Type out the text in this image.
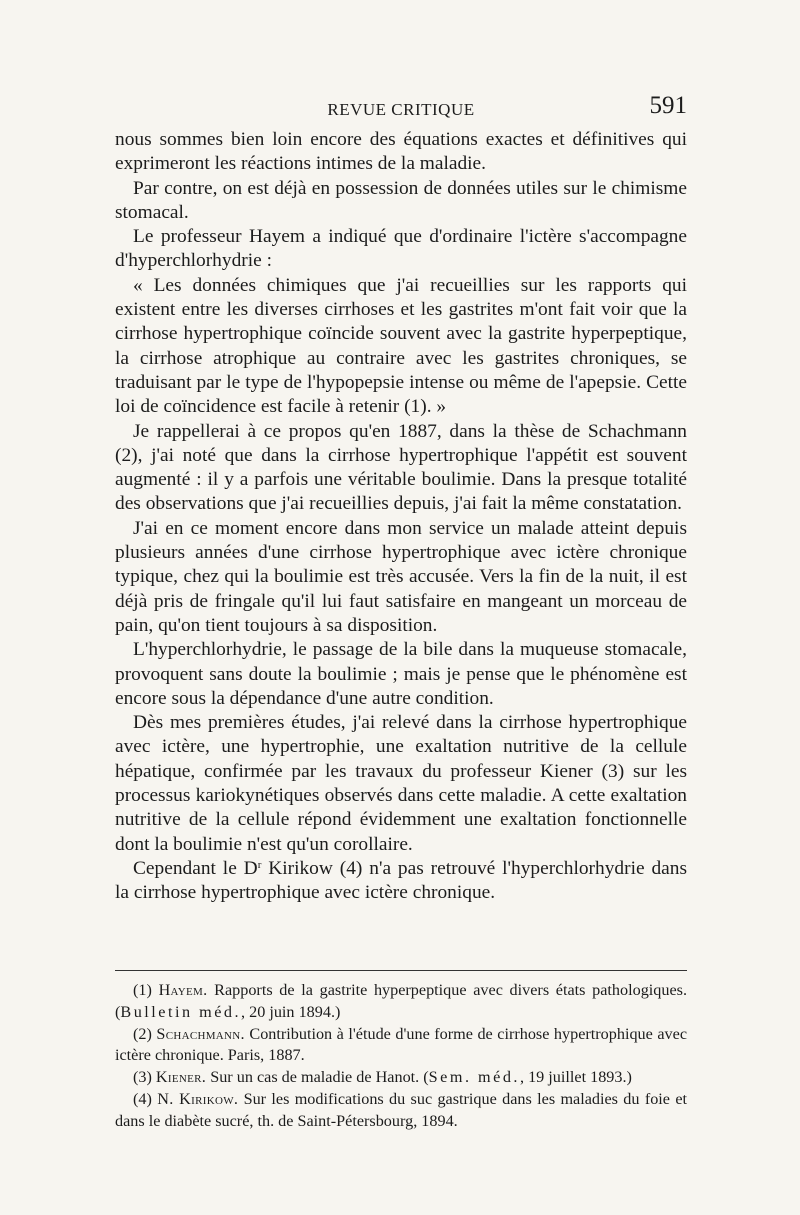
REVUE CRITIQUE	591

nous sommes bien loin encore des équations exactes et définitives qui exprimeront les réactions intimes de la maladie.

Par contre, on est déjà en possession de données utiles sur le chimisme stomacal.

Le professeur Hayem a indiqué que d'ordinaire l'ictère s'accompagne d'hyperchlorhydrie :

« Les données chimiques que j'ai recueillies sur les rapports qui existent entre les diverses cirrhoses et les gastrites m'ont fait voir que la cirrhose hypertrophique coïncide souvent avec la gastrite hyperpeptique, la cirrhose atrophique au contraire avec les gastrites chroniques, se traduisant par le type de l'hypopepsie intense ou même de l'apepsie. Cette loi de coïncidence est facile à retenir (1). »

Je rappellerai à ce propos qu'en 1887, dans la thèse de Schachmann (2), j'ai noté que dans la cirrhose hypertrophique l'appétit est souvent augmenté : il y a parfois une véritable boulimie. Dans la presque totalité des observations que j'ai recueillies depuis, j'ai fait la même constatation.

J'ai en ce moment encore dans mon service un malade atteint depuis plusieurs années d'une cirrhose hypertrophique avec ictère chronique typique, chez qui la boulimie est très accusée. Vers la fin de la nuit, il est déjà pris de fringale qu'il lui faut satisfaire en mangeant un morceau de pain, qu'on tient toujours à sa disposition.

L'hyperchlorhydrie, le passage de la bile dans la muqueuse stomacale, provoquent sans doute la boulimie ; mais je pense que le phénomène est encore sous la dépendance d'une autre condition.

Dès mes premières études, j'ai relevé dans la cirrhose hypertrophique avec ictère, une hypertrophie, une exaltation nutritive de la cellule hépatique, confirmée par les travaux du professeur Kiener (3) sur les processus kariokynétiques observés dans cette maladie. A cette exaltation nutritive de la cellule répond évidemment une exaltation fonctionnelle dont la boulimie n'est qu'un corollaire.

Cependant le $D^r$ Kirikow (4) n'a pas retrouvé l'hyperchlorhydrie dans la cirrhose hypertrophique avec ictère chronique.

(1) Hayem. Rapports de la gastrite hyperpeptique avec divers états pathologiques. (Bulletin méd., 20 juin 1894.)

(2) Schachmann. Contribution à l'étude d'une forme de cirrhose hypertrophique avec ictère chronique. Paris, 1887.

(3) Kiener. Sur un cas de maladie de Hanot. (Sem. méd., 19 juillet 1893.)

(4) N. Kirikow. Sur les modifications du suc gastrique dans les maladies du foie et dans le diabète sucré, th. de Saint-Pétersbourg, 1894.
